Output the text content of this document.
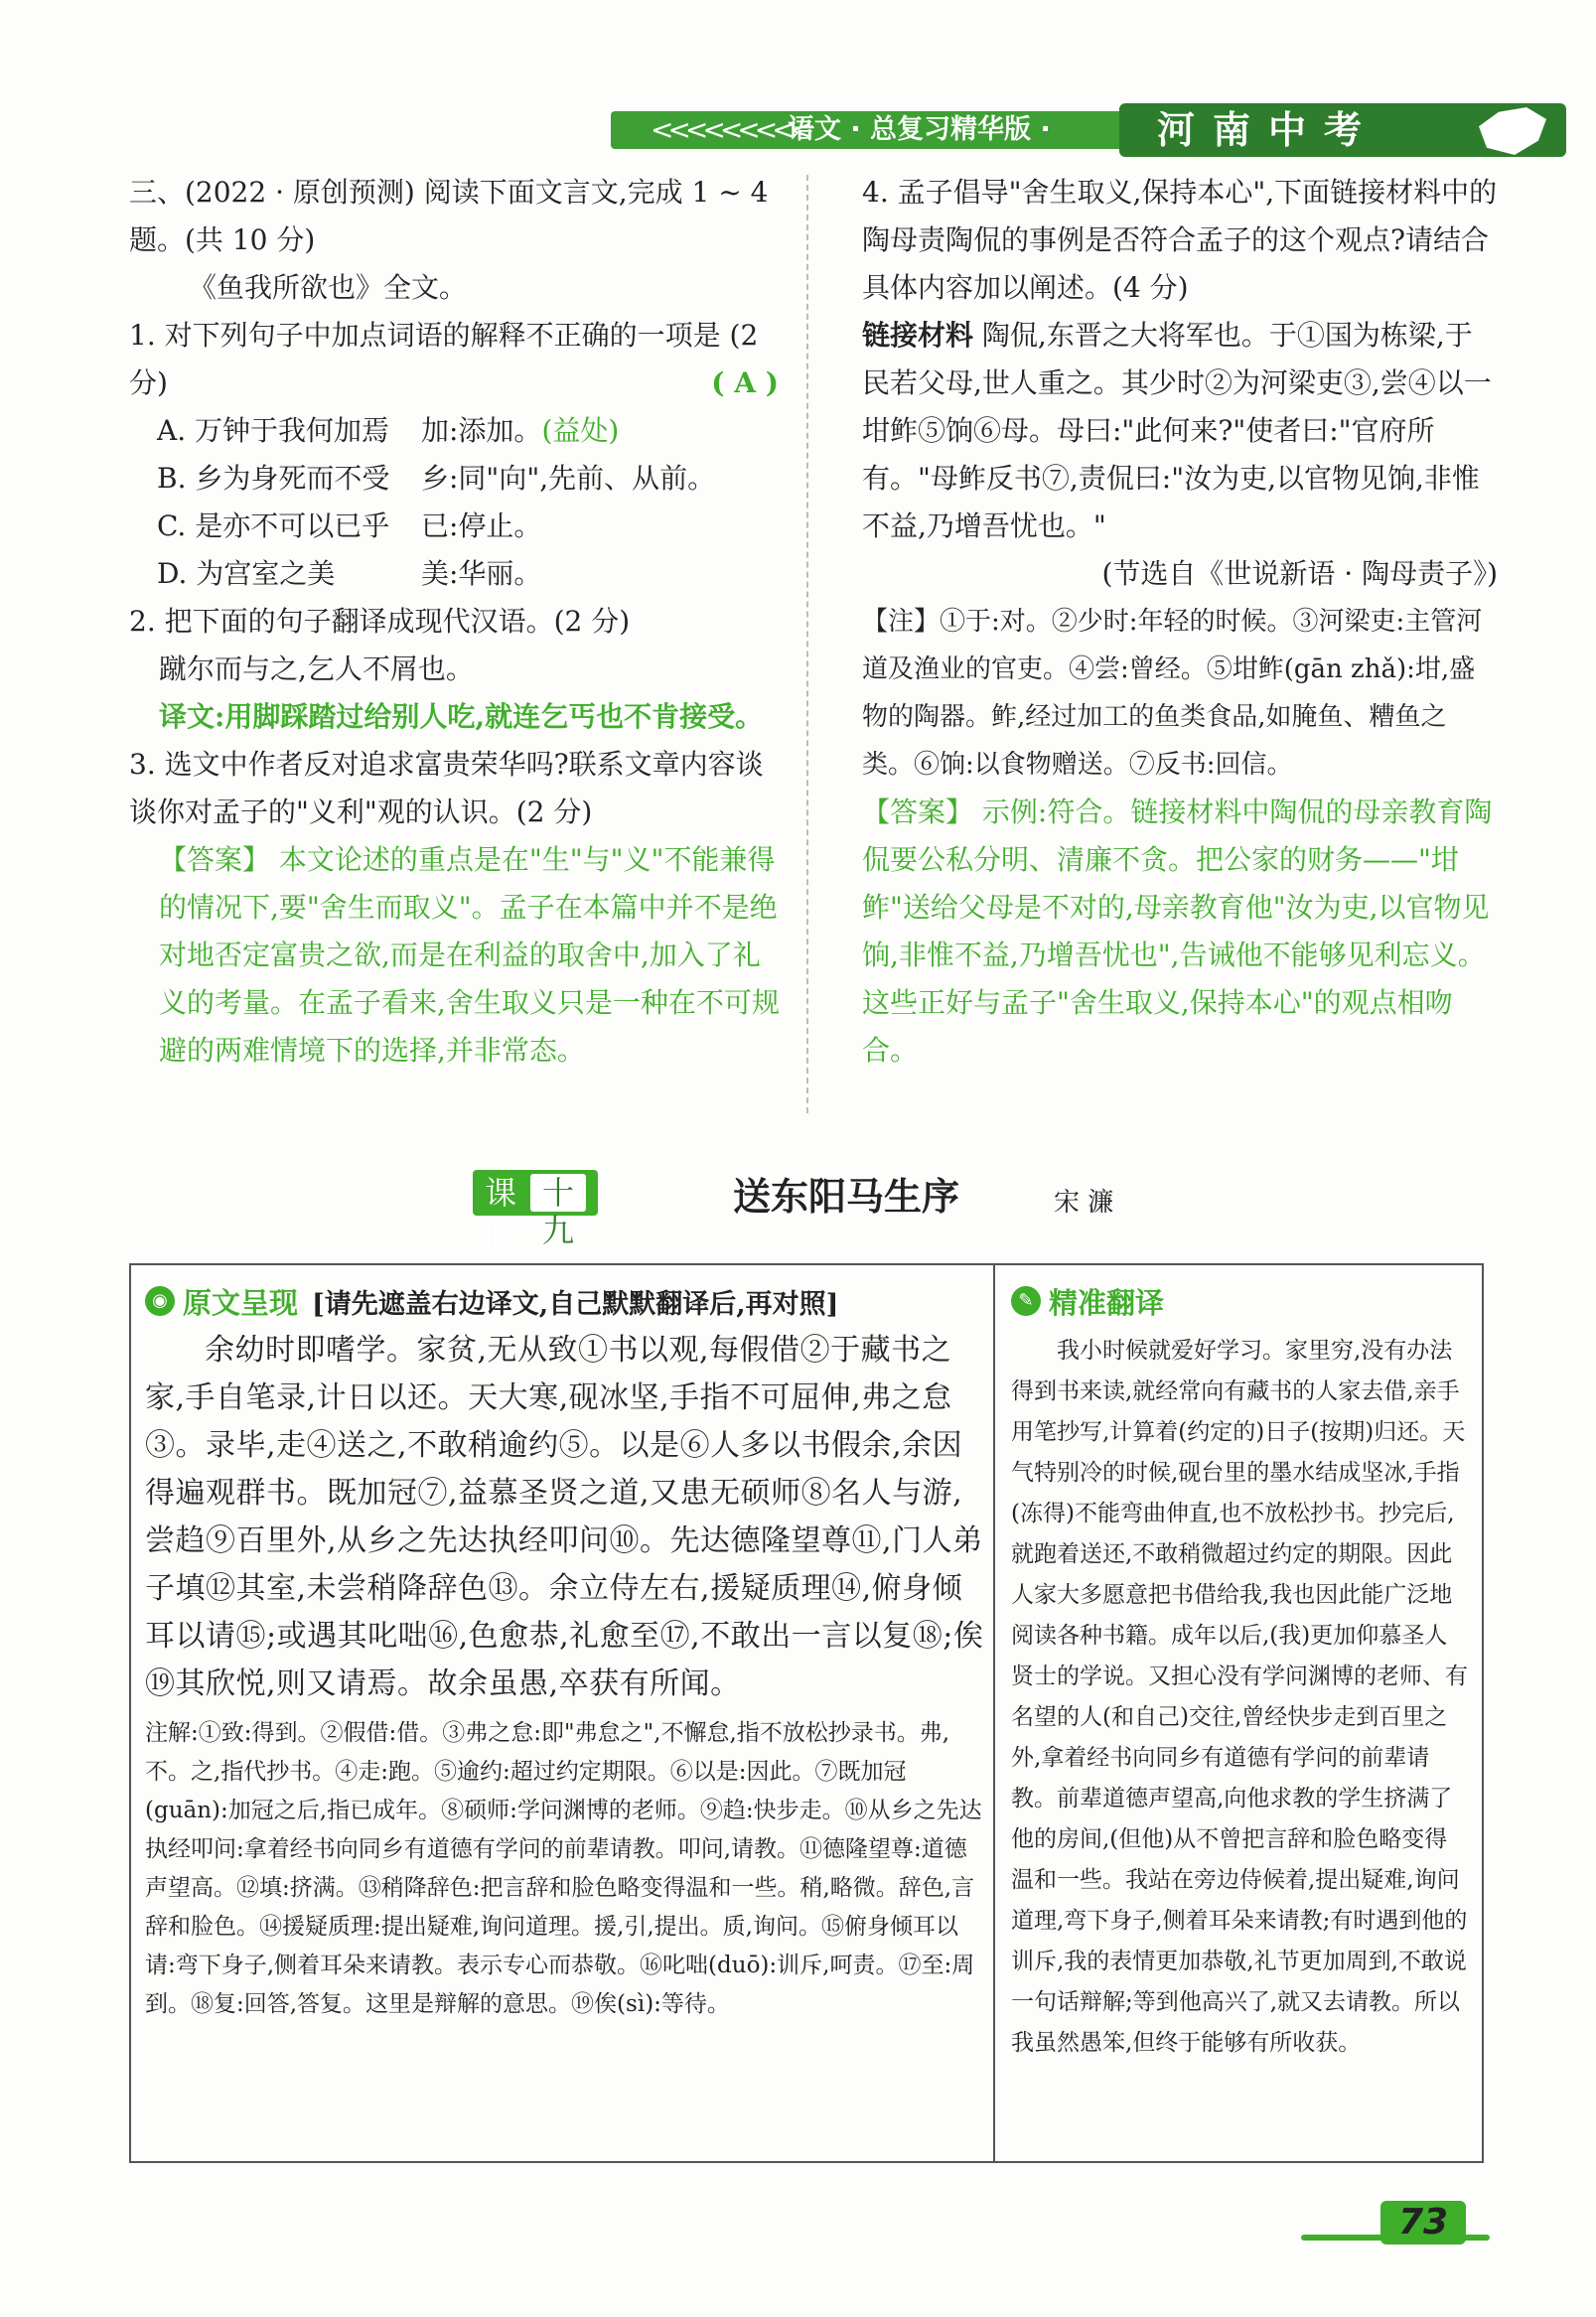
<<<<<<<<<
语文 · 总复习精华版 ·	河南中考

三、(2022 · 原创预测) 阅读下面文言文,完成 1 ~ 4 题。(共 10 分)

《鱼我所欲也》全文。

1. 对下列句子中加点词语的解释不正确的一项是 (2 分)	( A )

A. 万钟于我何加焉	加:添加。 (益处)

B. 乡为身死而不受	乡:同"向",先前、从前。

C. 是亦不可以已乎	已:停止。

D. 为宫室之美	美:华丽。

2. 把下面的句子翻译成现代汉语。(2 分)

蹴尔而与之,乞人不屑也。

译文:用脚踩踏过给别人吃,就连乞丐也不肯接受。

3. 选文中作者反对追求富贵荣华吗?联系文章内容谈谈你对孟子的"义利"观的认识。(2 分)

【答案】 本文论述的重点是在"生"与"义"不能兼得的情况下,要"舍生而取义"。孟子在本篇中并不是绝对地否定富贵之欲,而是在利益的取舍中,加入了礼义的考量。在孟子看来,舍生取义只是一种在不可规避的两难情境下的选择,并非常态。

4. 孟子倡导"舍生取义,保持本心",下面链接材料中的陶母责陶侃的事例是否符合孟子的这个观点?请结合具体内容加以阐述。(4 分)

链接材料 陶侃,东晋之大将军也。于①国为栋梁,于民若父母,世人重之。其少时②为河梁吏③,尝④以一坩鲊⑤饷⑥母。母曰:"此何来?"使者曰:"官府所有。"母鲊反书⑦,责侃曰:"汝为吏,以官物见饷,非惟不益,乃增吾忧也。"

(节选自《世说新语 · 陶母责子》)

【注】①于:对。②少时:年轻的时候。③河梁吏:主管河道及渔业的官吏。④尝:曾经。⑤坩鲊(gān zhǎ):坩,盛物的陶器。鲊,经过加工的鱼类食品,如腌鱼、糟鱼之类。⑥饷:以食物赠送。⑦反书:回信。

【答案】 示例:符合。链接材料中陶侃的母亲教育陶侃要公私分明、清廉不贪。把公家的财务——"坩鲊"送给父母是不对的,母亲教育他"汝为吏,以官物见饷,非惟不益,乃增吾忧也",告诫他不能够见利忘义。这些正好与孟子"舍生取义,保持本心"的观点相吻合。

课时
十九
送东阳马生序	宋 濂
◉ 原文呈现 [请先遮盖右边译文,自己默默翻译后,再对照]

余幼时即嗜学。家贫,无从致①书以观,每假借②于藏书之家,手自笔录,计日以还。天大寒,砚冰坚,手指不可屈伸,弗之怠③。录毕,走④送之,不敢稍逾约⑤。以是⑥人多以书假余,余因得遍观群书。既加冠⑦,益慕圣贤之道,又患无硕师⑧名人与游,尝趋⑨百里外,从乡之先达执经叩问⑩。先达德隆望尊⑪,门人弟子填⑫其室,未尝稍降辞色⑬。余立侍左右,援疑质理⑭,俯身倾耳以请⑮;或遇其叱咄⑯,色愈恭,礼愈至⑰,不敢出一言以复⑱;俟⑲其欣悦,则又请焉。故余虽愚,卒获有所闻。

注解:①致:得到。②假借:借。③弗之怠:即"弗怠之",不懈怠,指不放松抄录书。弗,不。之,指代抄书。④走:跑。⑤逾约:超过约定期限。⑥以是:因此。⑦既加冠(guān):加冠之后,指已成年。⑧硕师:学问渊博的老师。⑨趋:快步走。⑩从乡之先达执经叩问:拿着经书向同乡有道德有学问的前辈请教。叩问,请教。⑪德隆望尊:道德声望高。⑫填:挤满。⑬稍降辞色:把言辞和脸色略变得温和一些。稍,略微。辞色,言辞和脸色。⑭援疑质理:提出疑难,询问道理。援,引,提出。质,询问。⑮俯身倾耳以请:弯下身子,侧着耳朵来请教。表示专心而恭敬。⑯叱咄(duō):训斥,呵责。⑰至:周到。⑱复:回答,答复。这里是辩解的意思。⑲俟(sì):等待。

✎ 精准翻译

我小时候就爱好学习。家里穷,没有办法得到书来读,就经常向有藏书的人家去借,亲手用笔抄写,计算着(约定的)日子(按期)归还。天气特别冷的时候,砚台里的墨水结成坚冰,手指(冻得)不能弯曲伸直,也不放松抄书。抄完后,就跑着送还,不敢稍微超过约定的期限。因此人家大多愿意把书借给我,我也因此能广泛地阅读各种书籍。成年以后,(我)更加仰慕圣人贤士的学说。又担心没有学问渊博的老师、有名望的人(和自己)交往,曾经快步走到百里之外,拿着经书向同乡有道德有学问的前辈请教。前辈道德声望高,向他求教的学生挤满了他的房间,(但他)从不曾把言辞和脸色略变得温和一些。我站在旁边侍候着,提出疑难,询问道理,弯下身子,侧着耳朵来请教;有时遇到他的训斥,我的表情更加恭敬,礼节更加周到,不敢说一句话辩解;等到他高兴了,就又去请教。所以我虽然愚笨,但终于能够有所收获。

73
